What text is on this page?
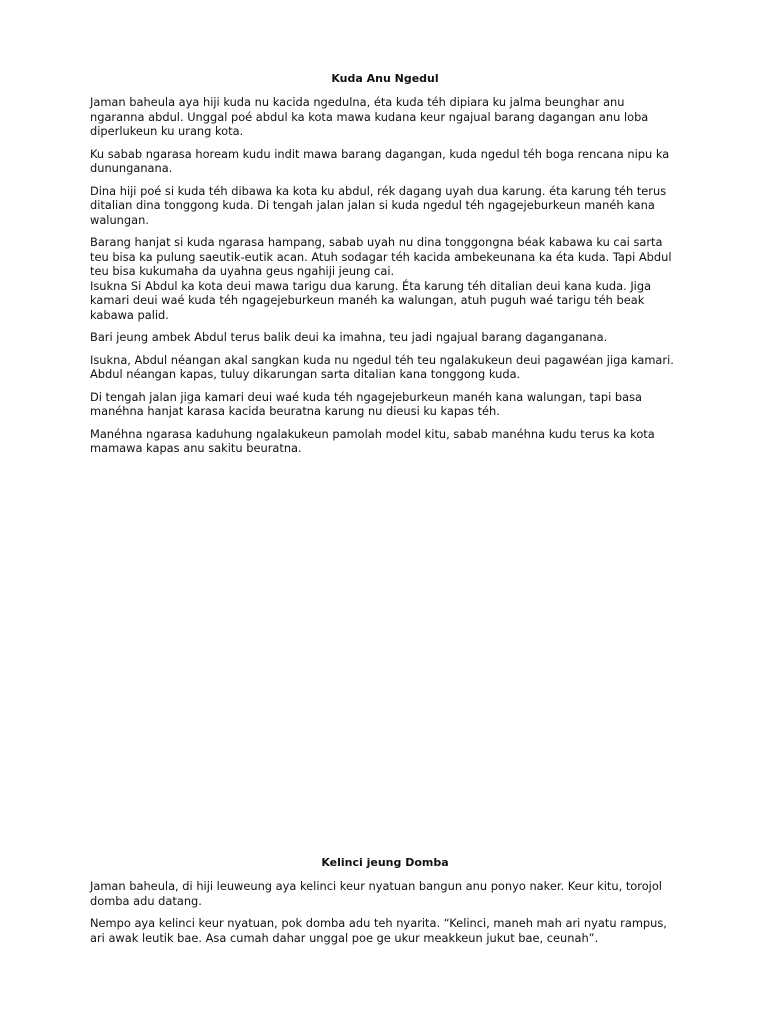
Kuda Anu Ngedul

Jaman baheula aya hiji kuda nu kacida ngedulna, éta kuda téh dipiara ku jalma beunghar anu ngaranna abdul. Unggal poé abdul ka kota mawa kudana keur ngajual barang dagangan anu loba diperlukeun ku urang kota.

Ku sabab ngarasa hoream kudu indit mawa barang dagangan, kuda ngedul téh boga rencana nipu ka dununganana.

Dina hiji poé si kuda téh dibawa ka kota ku abdul, rék dagang uyah dua karung. éta karung téh terus ditalian dina tonggong kuda. Di tengah jalan jalan si kuda ngedul téh ngagejeburkeun manéh kana walungan.

Barang hanjat si kuda ngarasa hampang, sabab uyah nu dina tonggongna béak kabawa ku cai sarta teu bisa ka pulung saeutik-eutik acan. Atuh sodagar téh kacida ambekeunana ka éta kuda. Tapi Abdul teu bisa kukumaha da uyahna geus ngahiji jeung cai.
Isukna Si Abdul ka kota deui mawa tarigu dua karung. Éta karung téh ditalian deui kana kuda. Jiga kamari deui waé kuda téh ngagejeburkeun manéh ka walungan, atuh puguh waé tarigu téh beak kabawa palid.

Bari jeung ambek Abdul terus balik deui ka imahna, teu jadi ngajual barang daganganana.

Isukna, Abdul néangan akal sangkan kuda nu ngedul téh teu ngalakukeun deui pagawéan jiga kamari. Abdul néangan kapas, tuluy dikarungan sarta ditalian kana tonggong kuda.

Di tengah jalan jiga kamari deui waé kuda téh ngagejeburkeun manéh kana walungan, tapi basa manéhna hanjat karasa kacida beuratna karung nu dieusi ku kapas téh.

Manéhna ngarasa kaduhung ngalakukeun pamolah model kitu, sabab manéhna kudu terus ka kota mamawa kapas anu sakitu beuratna.

Kelinci jeung Domba

Jaman baheula, di hiji leuweung aya kelinci keur nyatuan bangun anu ponyo naker. Keur kitu, torojol domba adu datang.

Nempo aya kelinci keur nyatuan, pok domba adu teh nyarita. “Kelinci, maneh mah ari nyatu rampus, ari awak leutik bae. Asa cumah dahar unggal poe ge ukur meakkeun jukut bae, ceunah”.
